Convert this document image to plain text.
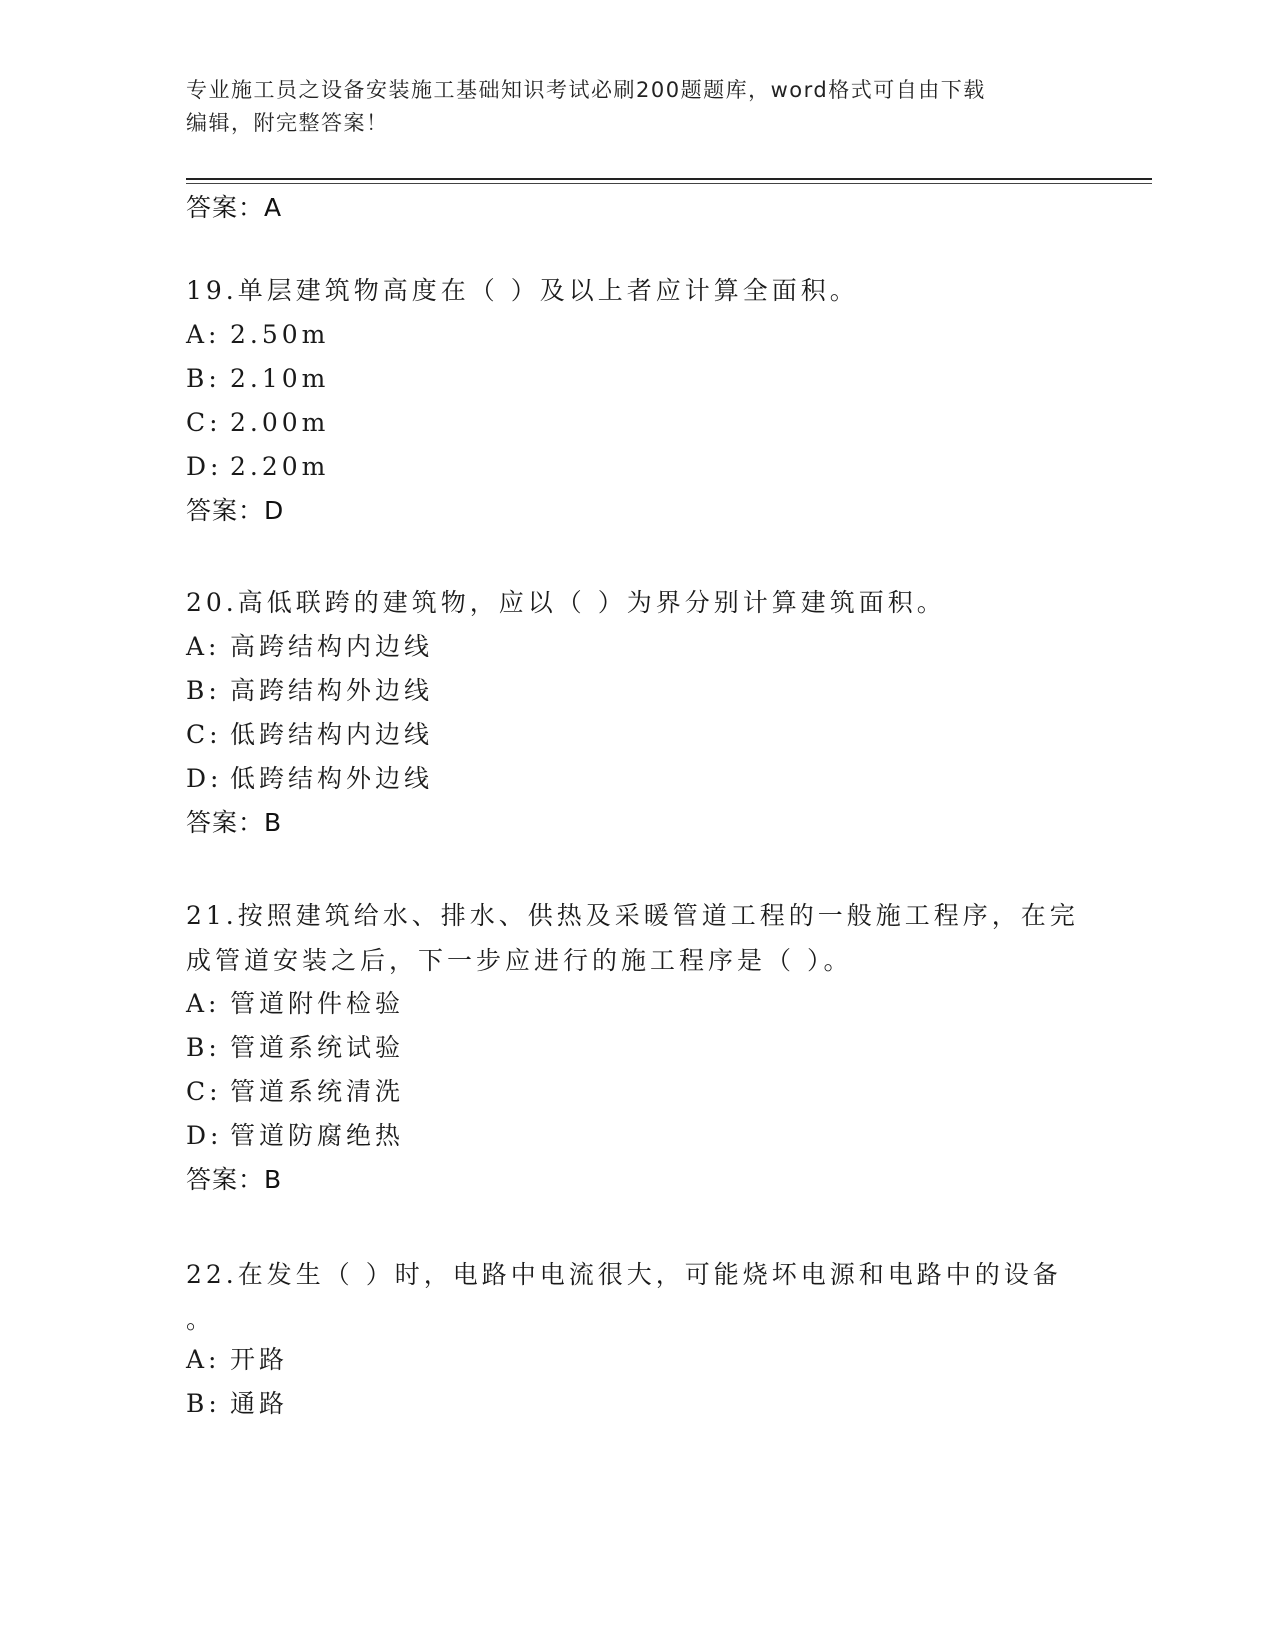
专业施工员之设备安装施工基础知识考试必刷200题题库，word格式可自由下载
编辑，附完整答案！
答案：A
19.单层建筑物高度在（ ）及以上者应计算全面积。
A: 2.50m
B: 2.10m
C: 2.00m
D: 2.20m
答案：D
20.高低联跨的建筑物，应以（ ）为界分别计算建筑面积。
A: 高跨结构内边线
B: 高跨结构外边线
C: 低跨结构内边线
D: 低跨结构外边线
答案：B
21.按照建筑给水、排水、供热及采暖管道工程的一般施工程序，在完
成管道安装之后，下一步应进行的施工程序是（ ）。
A: 管道附件检验
B: 管道系统试验
C: 管道系统清洗
D: 管道防腐绝热
答案：B
22.在发生（ ）时，电路中电流很大，可能烧坏电源和电路中的设备
。
A: 开路
B: 通路
